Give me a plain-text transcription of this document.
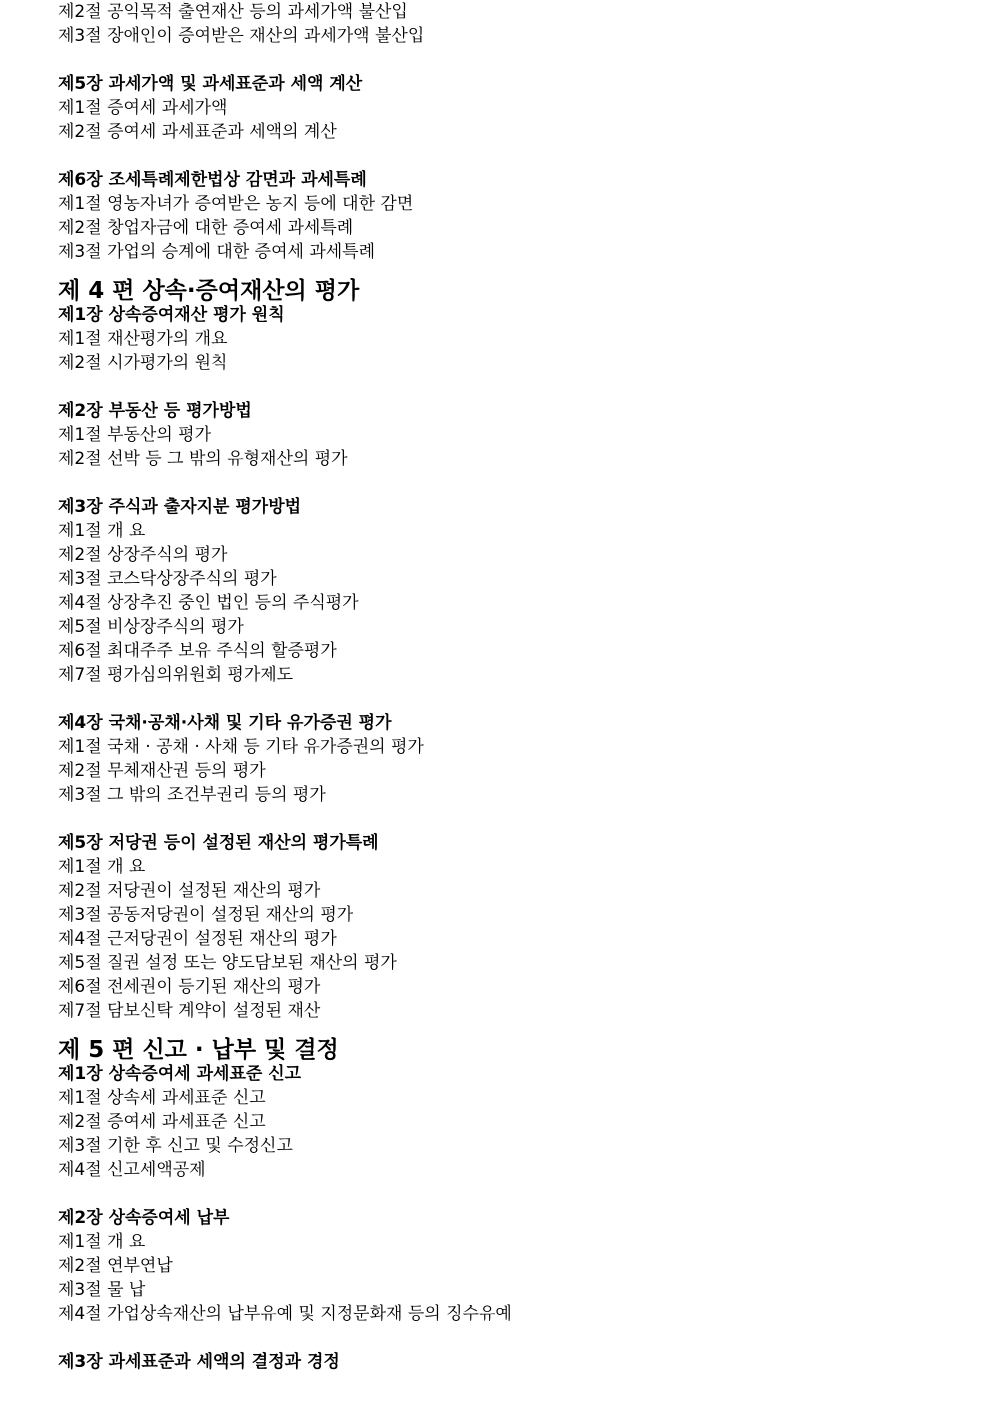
제2절 공익목적 출연재산 등의 과세가액 불산입
제3절 장애인이 증여받은 재산의 과세가액 불산입
제5장 과세가액 및 과세표준과 세액 계산
제1절 증여세 과세가액
제2절 증여세 과세표준과 세액의 계산
제6장 조세특례제한법상 감면과 과세특례
제1절 영농자녀가 증여받은 농지 등에 대한 감면
제2절 창업자금에 대한 증여세 과세특례
제3절 가업의 승계에 대한 증여세 과세특례
제 4 편 상속·증여재산의 평가
제1장 상속증여재산 평가 원칙
제1절 재산평가의 개요
제2절 시가평가의 원칙
제2장 부동산 등 평가방법
제1절 부동산의 평가
제2절 선박 등 그 밖의 유형재산의 평가
제3장 주식과 출자지분 평가방법
제1절 개 요
제2절 상장주식의 평가
제3절 코스닥상장주식의 평가
제4절 상장추진 중인 법인 등의 주식평가
제5절 비상장주식의 평가
제6절 최대주주 보유 주식의 할증평가
제7절 평가심의위원회 평가제도
제4장 국채·공채·사채 및 기타 유가증권 평가
제1절 국채 · 공채 · 사채 등 기타 유가증권의 평가
제2절 무체재산권 등의 평가
제3절 그 밖의 조건부권리 등의 평가
제5장 저당권 등이 설정된 재산의 평가특례
제1절 개 요
제2절 저당권이 설정된 재산의 평가
제3절 공동저당권이 설정된 재산의 평가
제4절 근저당권이 설정된 재산의 평가
제5절 질권 설정 또는 양도담보된 재산의 평가
제6절 전세권이 등기된 재산의 평가
제7절 담보신탁 계약이 설정된 재산
제 5 편 신고 · 납부 및 결정
제1장 상속증여세 과세표준 신고
제1절 상속세 과세표준 신고
제2절 증여세 과세표준 신고
제3절 기한 후 신고 및 수정신고
제4절 신고세액공제
제2장 상속증여세 납부
제1절 개 요
제2절 연부연납
제3절 물 납
제4절 가업상속재산의 납부유예 및 지정문화재 등의 징수유예
제3장 과세표준과 세액의 결정과 경정
